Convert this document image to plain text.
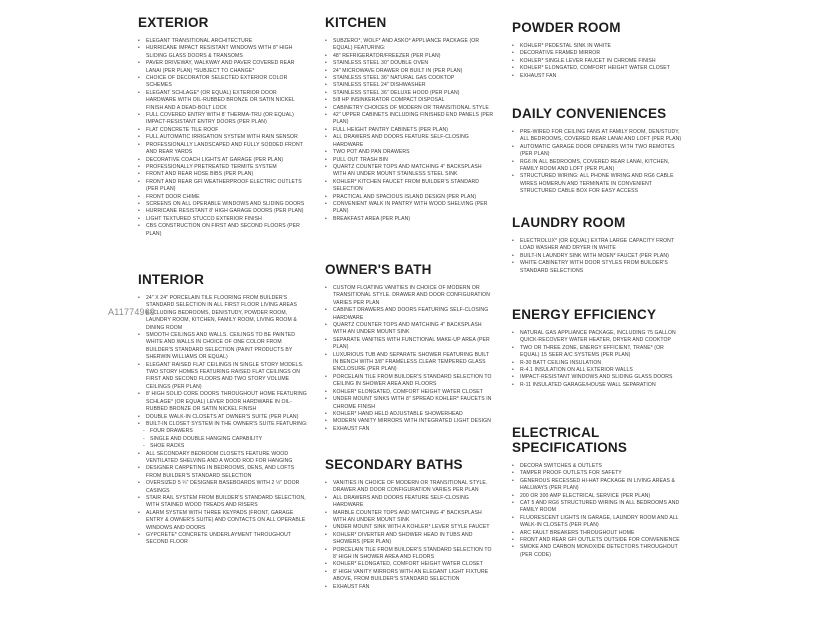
EXTERIOR
• ELEGANT TRANSITIONAL ARCHITECTURE
• HURRICANE IMPACT RESISTANT WINDOWS WITH 8" HIGH SLIDING GLASS DOORS & TRANSOMS
• PAVER DRIVEWAY, WALKWAY AND PAVER COVERED REAR LANAI (PER PLAN) *SUBJECT TO CHANGE*
• CHOICE OF DECORATOR SELECTED EXTERIOR COLOR SCHEMES
• ELEGANT SCHLAGE* (OR EQUAL) EXTERIOR DOOR HARDWARE WITH OIL-RUBBED BRONZE OR SATIN NICKEL FINISH AND A DEAD-BOLT LOCK
• FULL COVERED ENTRY WITH 8' THERMA-TRU (OR EQUAL) IMPACT-RESISTANT ENTRY DOORS (PER PLAN)
• FLAT CONCRETE TILE ROOF
• FULL AUTOMATIC IRRIGATION SYSTEM WITH RAIN SENSOR
• PROFESSIONALLY LANDSCAPED AND FULLY SODDED FRONT AND REAR YARDS
• DECORATIVE COACH LIGHTS AT GARAGE (PER PLAN)
• PROFESSIONALLY PRETREATED TERMITE SYSTEM
• FRONT AND REAR HOSE BIBS (PER PLAN)
• FRONT AND REAR GFI WEATHERPROOF ELECTRIC OUTLETS (PER PLAN)
• FRONT DOOR CHIME
• SCREENS ON ALL OPERABLE WINDOWS AND SLIDING DOORS
• HURRICANE RESISTANT 8' HIGH GARAGE DOORS (PER PLAN)
• LIGHT TEXTURED STUCCO EXTERIOR FINISH
• CBS CONSTRUCTION ON FIRST AND SECOND FLOORS (PER PLAN)
INTERIOR
• 24" X 24" PORCELAIN TILE FLOORING FROM BUILDER'S STANDARD SELECTION IN ALL FIRST FLOOR LIVING AREAS EXCLUDING BEDROOMS, DEN/STUDY, POWDER ROOM, LAUNDRY ROOM, KITCHEN, FAMILY ROOM, LIVING ROOM & DINING ROOM
• SMOOTH CEILINGS AND WALLS. CEILINGS TO BE PAINTED WHITE AND WALLS IN CHOICE OF ONE COLOR FROM BUILDER'S STANDARD SELECTION (PAINT PRODUCTS BY SHERWIN WILLIAMS OR EQUAL)
• ELEGANT RAISED FLAT CEILINGS IN SINGLE STORY MODELS. TWO STORY HOMES FEATURING RAISED FLAT CEILINGS ON FIRST AND SECOND FLOORS AND TWO STORY VOLUME CEILINGS (PER PLAN)
• 8' HIGH SOLID CORE DOORS THROUGHOUT HOME FEATURING SCHLAGE* (OR EQUAL) LEVER DOOR HARDWARE IN OIL-RUBBED BRONZE OR SATIN NICKEL FINISH
• DOUBLE WALK-IN CLOSETS AT OWNER'S SUITE (PER PLAN)
• BUILT-IN CLOSET SYSTEM IN THE OWNER'S SUITE FEATURING:
- FOUR DRAWERS
- SINGLE AND DOUBLE HANGING CAPABILITY
- SHOE RACKS
• ALL SECONDARY BEDROOM CLOSETS FEATURE WOOD VENTILATED SHELVING AND A WOOD ROD FOR HANGING
• DESIGNER CARPETING IN BEDROOMS, DENS, AND LOFTS FROM BUILDER'S STANDARD SELECTION
• OVERSIZED 5 ¼" DESIGNER BASEBOARDS WITH 2 ½" DOOR CASINGS
• STAIR RAIL SYSTEM FROM BUILDER'S STANDARD SELECTION, WITH STAINED WOOD TREADS AND RISERS
• ALARM SYSTEM WITH THREE KEYPADS (FRONT, GARAGE ENTRY & OWNER'S SUITE) AND CONTACTS ON ALL OPERABLE WINDOWS AND DOORS
• GYPCRETE* CONCRETE UNDERLAYMENT THROUGHOUT SECOND FLOOR
KITCHEN
• SUBZERO*, WOLF* AND ASKO* APPLIANCE PACKAGE (OR EQUAL) FEATURING:
• 48" REFRIGERATOR/FREEZER (PER PLAN)
• STAINLESS STEEL 30" DOUBLE OVEN
• 24" MICROWAVE DRAWER OR BUILT IN (PER PLAN)
• STAINLESS STEEL 36" NATURAL GAS COOKTOP
• STAINLESS STEEL 24" DISHWASHER
• STAINLESS STEEL 36" DELUXE HOOD (PER PLAN)
• 5/8 HP INSINKERATOR COMPACT DISPOSAL
• CABINETRY CHOICES OF MODERN OR TRANSITIONAL STYLE
• 42" UPPER CABINETS INCLUDING FINISHED END PANELS (PER PLAN)
• FULL HEIGHT PANTRY CABINETS (PER PLAN)
• ALL DRAWERS AND DOORS FEATURE SELF-CLOSING HARDWARE
• TWO POT AND PAN DRAWERS
• PULL OUT TRASH BIN
• QUARTZ COUNTER TOPS AND MATCHING 4" BACKSPLASH WITH AN UNDER MOUNT STAINLESS STEEL SINK
• KOHLER* KITCHEN FAUCET FROM BUILDER'S STANDARD SELECTION
• PRACTICAL AND SPACIOUS ISLAND DESIGN (PER PLAN)
• CONVENIENT WALK IN PANTRY WITH WOOD SHELVING (PER PLAN)
• BREAKFAST AREA (PER PLAN)
OWNER'S BATH
• CUSTOM FLOATING VANITIES IN CHOICE OF MODERN OR TRANSITIONAL STYLE. DRAWER AND DOOR CONFIGURATION VARIES PER PLAN
• CABINET DRAWERS AND DOORS FEATURING SELF-CLOSING HARDWARE
• QUARTZ COUNTER TOPS AND MATCHING 4" BACKSPLASH WITH AN UNDER MOUNT SINK
• SEPARATE VANITIES WITH FUNCTIONAL MAKE-UP AREA (PER PLAN)
• LUXURIOUS TUB AND SEPARATE SHOWER FEATURING BUILT IN BENCH WITH 3/8" FRAMELESS CLEAR TEMPERED GLASS ENCLOSURE (PER PLAN)
• PORCELAIN TILE FROM BUILDER'S STANDARD SELECTION TO CEILING IN SHOWER AREA AND FLOORS
• KOHLER* ELONGATED, COMFORT HEIGHT WATER CLOSET
• UNDER MOUNT SINKS WITH 8" SPREAD KOHLER* FAUCETS IN CHROME FINISH
• KOHLER* HAND HELD ADJUSTABLE SHOWERHEAD
• MODERN VANITY MIRRORS WITH INTEGRATED LIGHT DESIGN
• EXHAUST FAN
SECONDARY BATHS
• VANITIES IN CHOICE OF MODERN OR TRANSITIONAL STYLE. DRAWER AND DOOR CONFIGURATION VARIES PER PLAN
• ALL DRAWERS AND DOORS FEATURE SELF-CLOSING HARDWARE
• MARBLE COUNTER TOPS AND MATCHING 4" BACKSPLASH WITH AN UNDER MOUNT SINK
• UNDER MOUNT SINK WITH A KOHLER* LEVER STYLE FAUCET
• KOHLER* DIVERTER AND SHOWER HEAD IN TUBS AND SHOWERS (PER PLAN)
• PORCELAIN TILE FROM BUILDER'S STANDARD SELECTION TO 8' HIGH IN SHOWER AREA AND FLOORS
• KOHLER* ELONGATED, COMFORT HEIGHT WATER CLOSET
• 8' HIGH VANITY MIRRORS WITH AN ELEGANT LIGHT FIXTURE ABOVE, FROM BUILDER'S STANDARD SELECTION
• EXHAUST FAN
POWDER ROOM
• KOHLER* PEDESTAL SINK IN WHITE
• DECORATIVE FRAMED MIRROR
• KOHLER* SINGLE LEVER FAUCET IN CHROME FINISH
• KOHLER* ELONGATED, COMFORT HEIGHT WATER CLOSET
• EXHAUST FAN
DAILY CONVENIENCES
• PRE-WIRED FOR CEILING FANS AT FAMILY ROOM, DEN/STUDY, ALL BEDROOMS, COVERED REAR LANAI AND LOFT (PER PLAN)
• AUTOMATIC GARAGE DOOR OPENERS WITH TWO REMOTES (PER PLAN)
• RG6 IN ALL BEDROOMS, COVERED REAR LANAI, KITCHEN, FAMILY ROOM AND LOFT (PER PLAN)
• STRUCTURED WIRING: ALL PHONE WIRING AND RG6 CABLE WIRES HOMERUN AND TERMINATE IN CONVENIENT STRUCTURED CABLE BOX FOR EASY ACCESS
LAUNDRY ROOM
• ELECTROLUX* (OR EQUAL) EXTRA LARGE CAPACITY FRONT LOAD WASHER AND DRYER IN WHITE
• BUILT-IN LAUNDRY SINK WITH MOEN* FAUCET (PER PLAN)
• WHITE CABINETRY WITH DOOR STYLES FROM BUILDER'S STANDARD SELECTIONS
ENERGY EFFICIENCY
• NATURAL GAS APPLIANCE PACKAGE, INCLUDING 75 GALLON QUICK-RECOVERY WATER HEATER, DRYER AND COOKTOP
• TWO OR THREE ZONE, ENERGY EFFICIENT, TRANE* (OR EQUAL) 15 SEER A/C SYSTEMS (PER PLAN)
• R-30 BATT CEILING INSULATION
• R-4.1 INSULATION ON ALL EXTERIOR WALLS
• IMPACT-RESISTANT WINDOWS AND SLIDING GLASS DOORS
• R-11 INSULATED GARAGE/HOUSE WALL SEPARATION
ELECTRICAL SPECIFICATIONS
• DECORA SWITCHES & OUTLETS
• TAMPER PROOF OUTLETS FOR SAFETY
• GENEROUS RECESSED HI-HAT PACKAGE IN LIVING AREAS & HALLWAYS (PER PLAN)
• 200 OR 300 AMP ELECTRICAL SERVICE (PER PLAN)
• CAT 5 AND RG6 STRUCTURED WIRING IN ALL BEDROOMS AND FAMILY ROOM
• FLUORESCENT LIGHTS IN GARAGE, LAUNDRY ROOM AND ALL WALK-IN CLOSETS (PER PLAN)
• ARC FAULT BREAKERS THROUGHOUT HOME
• FRONT AND REAR GFI OUTLETS OUTSIDE FOR CONVENIENCE
• SMOKE AND CARBON MONOXIDE DETECTORS THROUGHOUT (PER CODE)
A11774969
